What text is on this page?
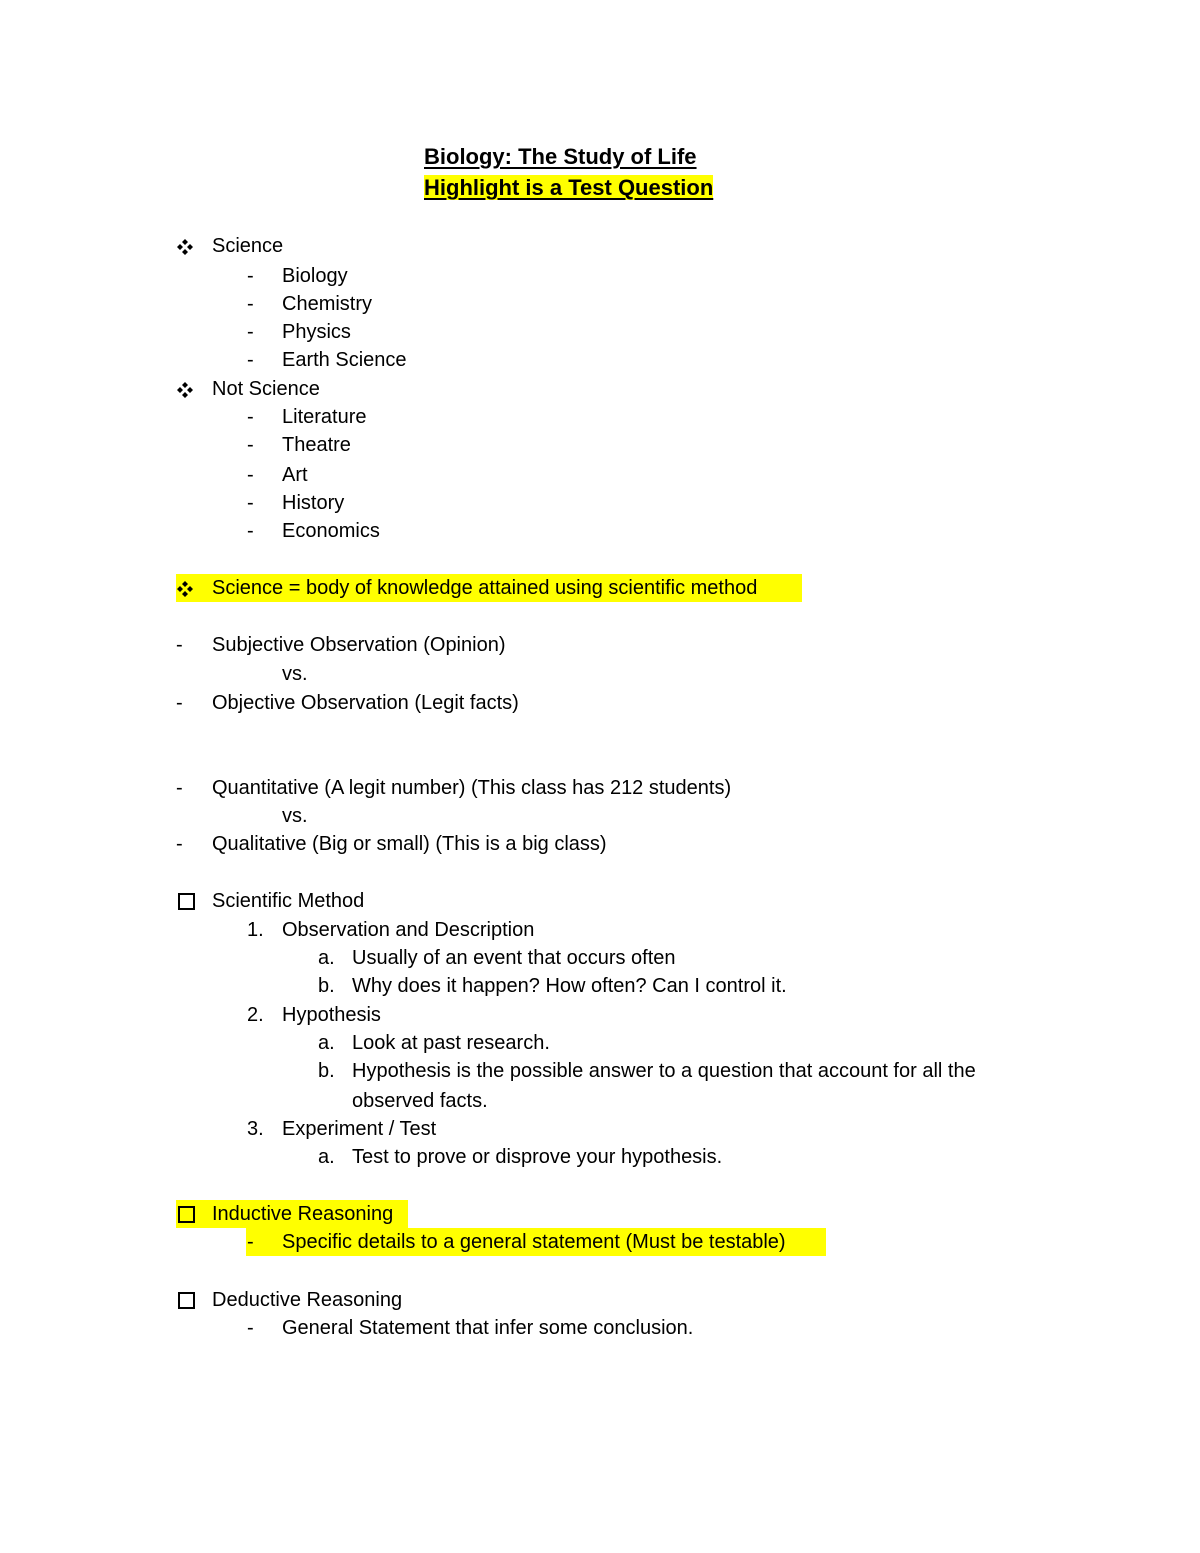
Biology: The Study of Life
Highlight is a Test Question
Science
- Biology
- Chemistry
- Physics
- Earth Science
Not Science
- Literature
- Theatre
- Art
- History
- Economics
Science = body of knowledge attained using scientific method
- Subjective Observation (Opinion)
vs.
- Objective Observation (Legit facts)
- Quantitative (A legit number) (This class has 212 students)
vs.
- Qualitative (Big or small) (This is a big class)
Scientific Method
1. Observation and Description
a. Usually of an event that occurs often
b. Why does it happen? How often? Can I control it.
2. Hypothesis
a. Look at past research.
b. Hypothesis is the possible answer to a question that account for all the
observed facts.
3. Experiment / Test
a. Test to prove or disprove your hypothesis.
Inductive Reasoning
- Specific details to a general statement (Must be testable)
Deductive Reasoning
- General Statement that infer some conclusion.
